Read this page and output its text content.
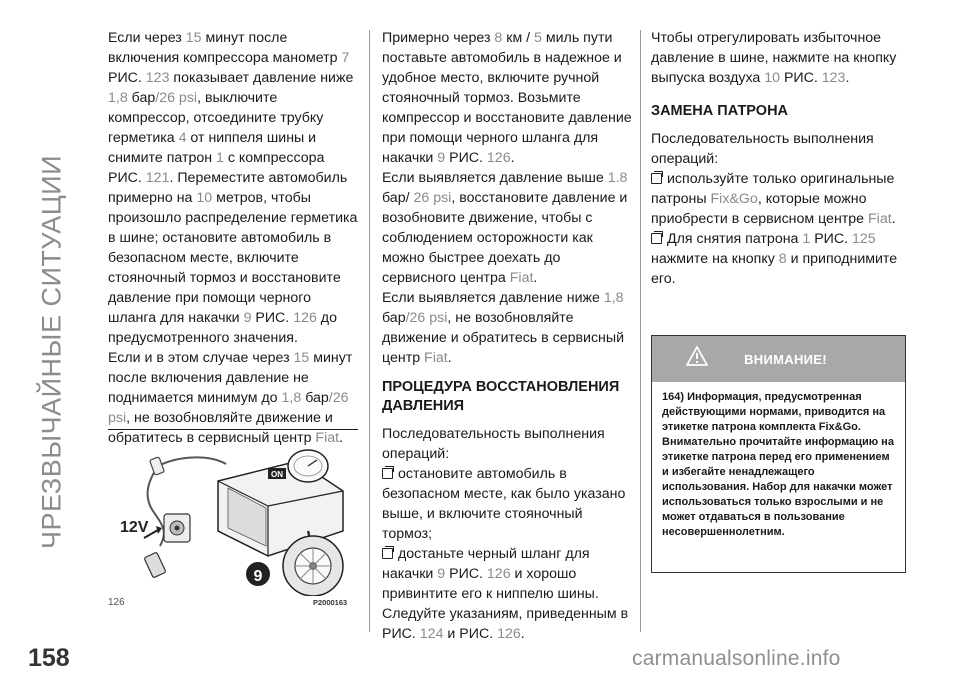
ЧРЕЗВЫЧАЙНЫЕ СИТУАЦИИ
158

Если через 15 минут после включения компрессора манометр 7 РИС. 123 показывает давление ниже 1,8 бар/26 psi, выключите компрессор, отсоедините трубку герметика 4 от ниппеля шины и снимите патрон 1 с компрессора РИС. 121. Переместите автомобиль примерно на 10 метров, чтобы произошло распределение герметика в шине; остановите автомобиль в безопасном месте, включите стояночный тормоз и восстановите давление при помощи черного шланга для накачки 9 РИС. 126 до предусмотренного значения.

Если и в этом случае через 15 минут после включения давление не поднимается минимум до 1,8 бар/26 psi, не возобновляйте движение и обратитесь в сервисный центр Fiat.

ON
12V
9
126	P2000163

Примерно через 8 км / 5 миль пути поставьте автомобиль в надежное и удобное место, включите ручной стояночный тормоз. Возьмите компрессор и восстановите давление при помощи черного шланга для накачки 9 РИС. 126.

Если выявляется давление выше 1.8 бар/ 26 psi, восстановите давление и возобновите движение, чтобы с соблюдением осторожности как можно быстрее доехать до сервисного центра Fiat.

Если выявляется давление ниже 1,8 бар/26 psi, не возобновляйте движение и обратитесь в сервисный центр Fiat.

ПРОЦЕДУРА ВОССТАНОВЛЕНИЯ ДАВЛЕНИЯ

Последовательность выполнения операций:

остановите автомобиль в безопасном месте, как было указано выше, и включите стояночный тормоз;

достаньте черный шланг для накачки 9 РИС. 126 и хорошо привинтите его к ниппелю шины. Следуйте указаниям, приведенным в РИС. 124 и РИС. 126.

Чтобы отрегулировать избыточное давление в шине, нажмите на кнопку выпуска воздуха 10 РИС. 123.

ЗАМЕНА ПАТРОНА

Последовательность выполнения операций:

используйте только оригинальные патроны Fix&Go, которые можно приобрести в сервисном центре Fiat.

Для снятия патрона 1 РИС. 125 нажмите на кнопку 8 и приподнимите его.

ВНИМАНИЕ!
164) Информация, предусмотренная действующими нормами, приводится на этикетке патрона комплекта Fix&Go. Внимательно прочитайте информацию на этикетке патрона перед его применением и избегайте ненадлежащего использования. Набор для накачки может использоваться только взрослыми и не может отдаваться в пользование несовершеннолетним.
carmanualsonline.info
